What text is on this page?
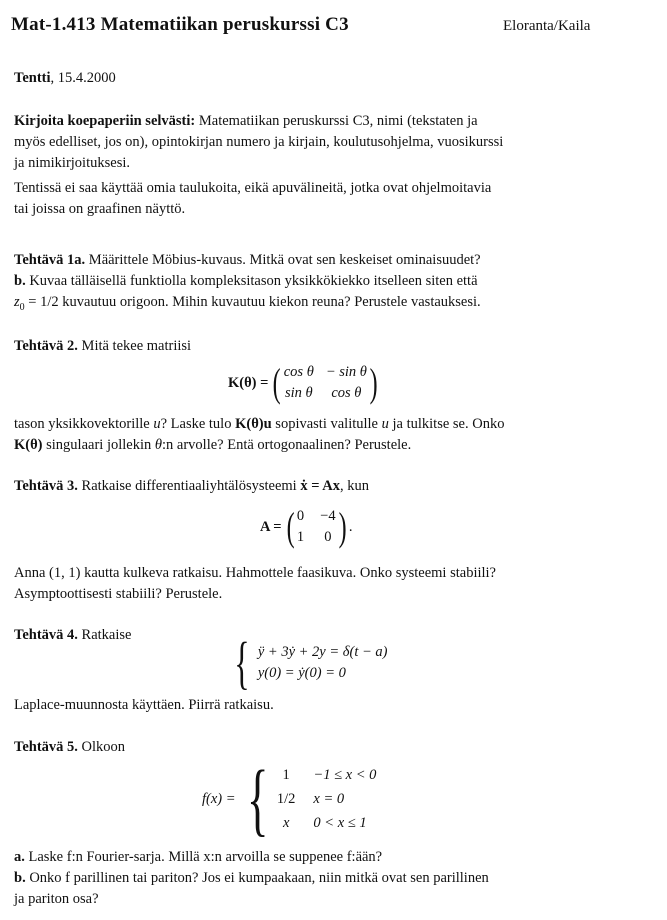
Mat-1.413 Matematiikan peruskurssi C3	Eloranta/Kaila
Tentti, 15.4.2000
Kirjoita koepaperiin selvästi: Matematiikan peruskurssi C3, nimi (tekstaten ja
myös edelliset, jos on), opintokirjan numero ja kirjain, koulutusohjelma, vuosikurssi
ja nimikirjoituksesi.
Tentissä ei saa käyttää omia taulukoita, eikä apuvälineitä, jotka ovat ohjelmoitavia
tai joissa on graafinen näyttö.
Tehtävä 1a. Määrittele Möbius-kuvaus. Mitkä ovat sen keskeiset ominaisuudet?
b. Kuvaa tälläisellä funktiolla kompleksitason yksikkökiekko itselleen siten että
$z_0 = 1/2$ kuvautuu origoon. Mihin kuvautuu kiekon reuna? Perustele vastauksesi.
Tehtävä 2. Mitä tekee matriisi
K(θ) = ( cos θ − sin θ
sin θ	cos θ )
tason yksikkovektorille u? Laske tulo K(θ)u sopivasti valitulle u ja tulkitse se. Onko
K(θ) singulaari jollekin θ:n arvolle? Entä ortogonaalinen? Perustele.
Tehtävä 3. Ratkaise differentiaaliyhtälösysteemi ẋ = Ax, kun
A = ( 0 −4
1 0 ) .
Anna (1, 1) kautta kulkeva ratkaisu. Hahmottele faasikuva. Onko systeemi stabiili?
Asymptoottisesti stabiili? Perustele.
Tehtävä 4. Ratkaise	{ ÿ + 3ẏ + 2y = δ(t − a)
y(0) = ẏ(0) = 0
Laplace-muunnosta käyttäen. Piirrä ratkaisu.
Tehtävä 5. Olkoon
f(x) = { 1	−1 ≤ x < 0
1/2 x = 0
x	0 < x ≤ 1
a. Laske f:n Fourier-sarja. Millä x:n arvoilla se suppenee f:ään?
b. Onko f parillinen tai pariton? Jos ei kumpaakaan, niin mitkä ovat sen parillinen
ja pariton osa?
